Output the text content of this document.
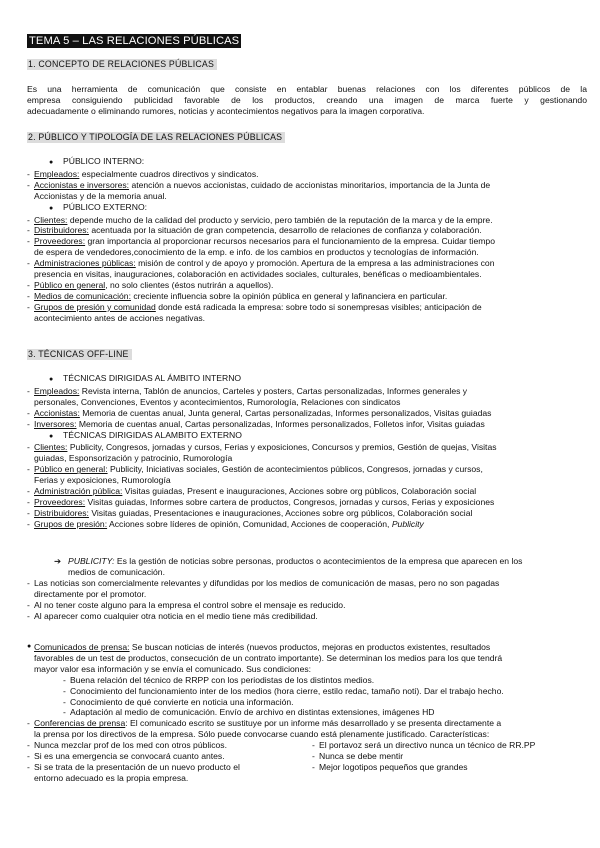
TEMA 5 – LAS RELACIONES PÚBLICAS
1. CONCEPTO DE RELACIONES PÚBLICAS
Es una herramienta de comunicación que consiste en entablar buenas relaciones con los diferentes públicos de la
empresa consiguiendo publicidad favorable de los productos, creando una imagen de marca fuerte y gestionando
adecuadamente o eliminando rumores, noticias y acontecimientos negativos para la imagen corporativa.
2. PÚBLICO Y TIPOLOGÍA DE LAS RELACIONES PÚBLICAS
● PÚBLICO INTERNO:
- Empleados: especialmente cuadros directivos y sindicatos.
- Accionistas e inversores: atención a nuevos accionistas, cuidado de accionistas minoritarios, importancia de la Junta de
Accionistas y de la memoria anual.
● PÚBLICO EXTERNO:
- Clientes: depende mucho de la calidad del producto y servicio, pero también de la reputación de la marca y de la empre.
- Distribuidores: acentuada por la situación de gran competencia, desarrollo de relaciones de confianza y colaboración.
- Proveedores: gran importancia al proporcionar recursos necesarios para el funcionamiento de la empresa. Cuidar tiempo
de espera de vendedores,conocimiento de la emp. e info. de los cambios en productos y tecnologías de información.
- Administraciones públicas: misión de control y de apoyo y promoción. Apertura de la empresa a las administraciones con
presencia en visitas, inauguraciones, colaboración en actividades sociales, culturales, benéficas o medioambientales.
- Público en general, no solo clientes (éstos nutrirán a aquellos).
- Medios de comunicación: creciente influencia sobre la opinión pública en general y lafinanciera en particular.
- Grupos de presión y comunidad donde está radicada la empresa: sobre todo si sonempresas visibles; anticipación de
acontecimiento antes de acciones negativas.
3. TÉCNICAS OFF-LINE
● TÉCNICAS DIRIGIDAS AL ÁMBITO INTERNO
- Empleados: Revista interna, Tablón de anuncios, Carteles y posters, Cartas personalizadas, Informes generales y
personales, Convenciones, Eventos y acontecimientos, Rumorología, Relaciones con sindicatos
- Accionistas: Memoria de cuentas anual, Junta general, Cartas personalizadas, Informes personalizados, Visitas guiadas
- Inversores: Memoria de cuentas anual, Cartas personalizadas, Informes personalizados, Folletos infor, Visitas guiadas
● TÉCNICAS DIRIGIDAS ALAMBITO EXTERNO
- Clientes: Publicity, Congresos, jornadas y cursos, Ferias y exposiciones, Concursos y premios, Gestión de quejas, Visitas
guiadas, Esponsorización y patrocinio, Rumorología
- Público en general: Publicity, Iniciativas sociales, Gestión de acontecimientos públicos, Congresos, jornadas y cursos,
Ferias y exposiciones, Rumorología
- Administración pública: Visitas guiadas, Present e inauguraciones, Acciones sobre org públicos, Colaboración social
- Proveedores: Visitas guiadas, Informes sobre cartera de productos, Congresos, jornadas y cursos, Ferias y exposiciones
- Distribuidores: Visitas guiadas, Presentaciones e inauguraciones, Acciones sobre org públicos, Colaboración social
- Grupos de presión: Acciones sobre líderes de opinión, Comunidad, Acciones de cooperación, Publicity
➔ PUBLICITY: Es la gestión de noticias sobre personas, productos o acontecimientos de la empresa que aparecen en los
medios de comunicación.
- Las noticias son comercialmente relevantes y difundidas por los medios de comunicación de masas, pero no son pagadas
directamente por el promotor.
- Al no tener coste alguno para la empresa el control sobre el mensaje es reducido.
- Al aparecer como cualquier otra noticia en el medio tiene más credibilidad.
● Comunicados de prensa: Se buscan noticias de interés (nuevos productos, mejoras en productos existentes, resultados
favorables de un test de productos, consecución de un contrato importante). Se determinan los medios para los que tendrá
mayor valor esa información y se envía el comunicado. Sus condiciones:
- Buena relación del técnico de RRPP con los periodistas de los distintos medios.
- Conocimiento del funcionamiento inter de los medios (hora cierre, estilo redac, tamaño noti). Dar el trabajo hecho.
- Conocimiento de qué convierte en noticia una información.
- Adaptación al medio de comunicación. Envío de archivo en distintas extensiones, imágenes HD
- Conferencias de prensa: El comunicado escrito se sustituye por un informe más desarrollado y se presenta directamente a
la prensa por los directivos de la empresa. Sólo puede convocarse cuando está plenamente justificado. Características:
- Nunca mezclar prof de los med con otros públicos.
- Si es una emergencia se convocará cuanto antes.
- Si se trata de la presentación de un nuevo producto el
entorno adecuado es la propia empresa.
- El portavoz será un directivo nunca un técnico de RR.PP
- Nunca se debe mentir
- Mejor logotipos pequeños que grandes
